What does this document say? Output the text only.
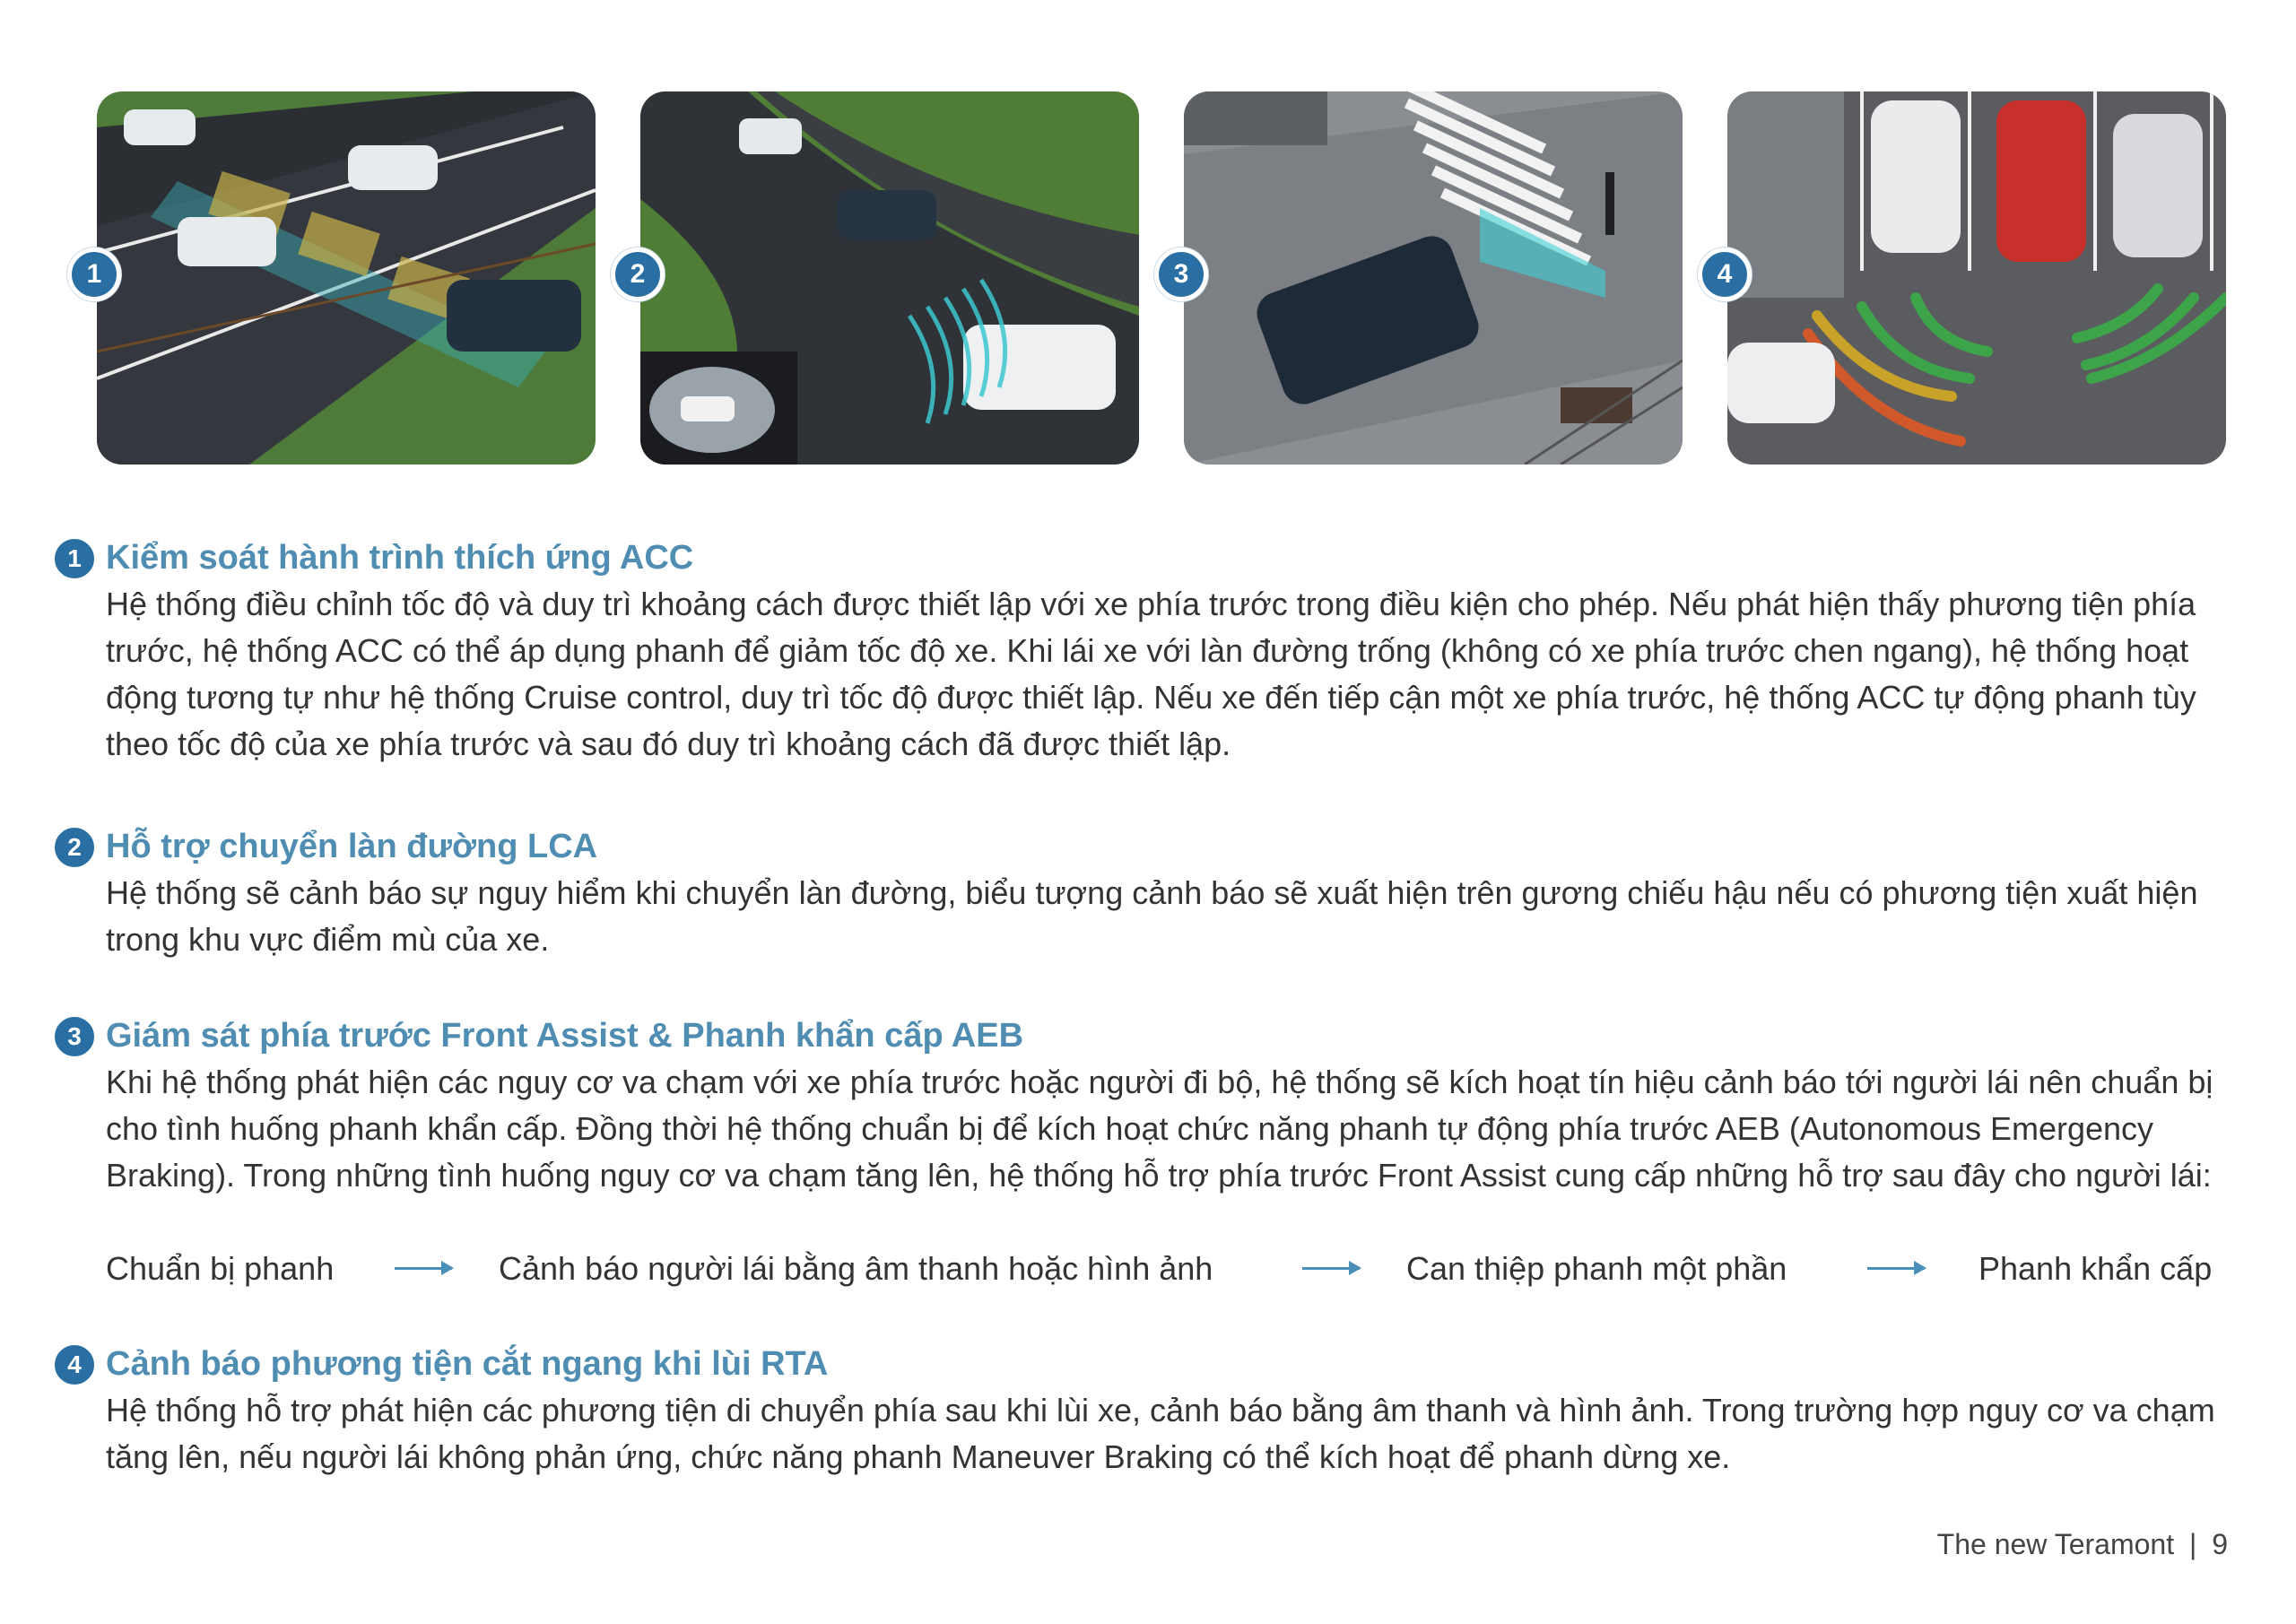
1	2	3	4
1 Kiểm soát hành trình thích ứng ACC
Hệ thống điều chỉnh tốc độ và duy trì khoảng cách được thiết lập với xe phía trước trong điều kiện cho phép. Nếu phát hiện thấy phương tiện phía trước, hệ thống ACC có thể áp dụng phanh để giảm tốc độ xe. Khi lái xe với làn đường trống (không có xe phía trước chen ngang), hệ thống hoạt động tương tự như hệ thống Cruise control, duy trì tốc độ được thiết lập. Nếu xe đến tiếp cận một xe phía trước, hệ thống ACC tự động phanh tùy theo tốc độ của xe phía trước và sau đó duy trì khoảng cách đã được thiết lập.
2 Hỗ trợ chuyển làn đường LCA
Hệ thống sẽ cảnh báo sự nguy hiểm khi chuyển làn đường, biểu tượng cảnh báo sẽ xuất hiện trên gương chiếu hậu nếu có phương tiện xuất hiện trong khu vực điểm mù của xe.
3 Giám sát phía trước Front Assist & Phanh khẩn cấp AEB
Khi hệ thống phát hiện các nguy cơ va chạm với xe phía trước hoặc người đi bộ, hệ thống sẽ kích hoạt tín hiệu cảnh báo tới người lái nên chuẩn bị cho tình huống phanh khẩn cấp. Đồng thời hệ thống chuẩn bị để kích hoạt chức năng phanh tự động phía trước AEB (Autonomous Emergency Braking). Trong những tình huống nguy cơ va chạm tăng lên, hệ thống hỗ trợ phía trước Front Assist cung cấp những hỗ trợ sau đây cho người lái:
Chuẩn bị phanh	Cảnh báo người lái bằng âm thanh hoặc hình ảnh	Can thiệp phanh một phần	Phanh khẩn cấp
4 Cảnh báo phương tiện cắt ngang khi lùi RTA
Hệ thống hỗ trợ phát hiện các phương tiện di chuyển phía sau khi lùi xe, cảnh báo bằng âm thanh và hình ảnh. Trong trường hợp nguy cơ va chạm tăng lên, nếu người lái không phản ứng, chức năng phanh Maneuver Braking có thể kích hoạt để phanh dừng xe.
The new Teramont | 9
